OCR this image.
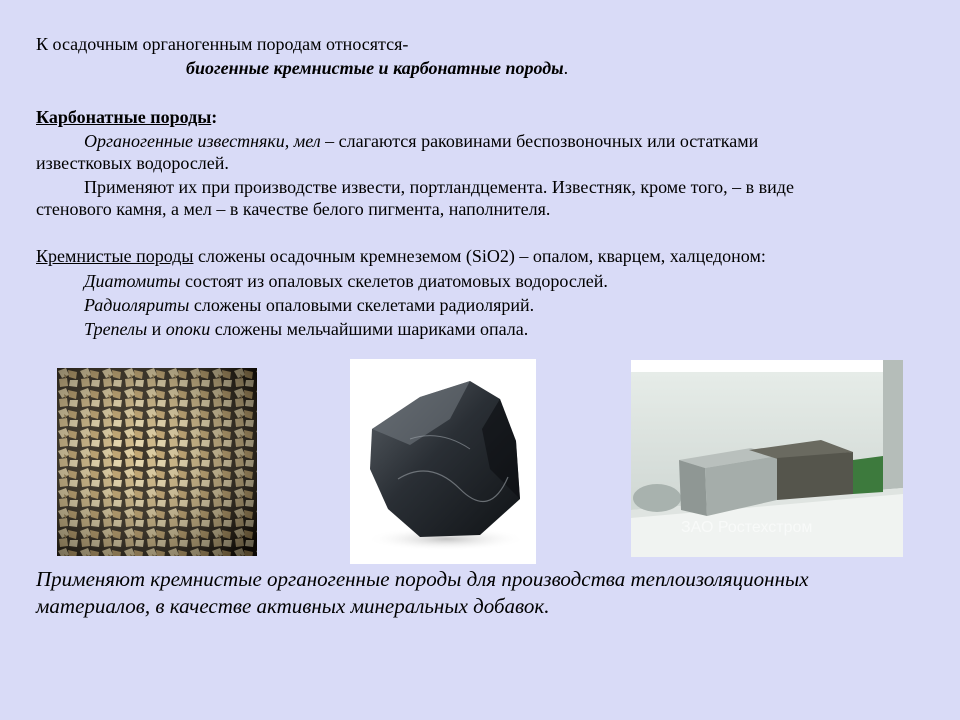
К осадочным органогенным породам относятся-
биогенные кремнистые и карбонатные породы.
Карбонатные породы:
Органогенные известняки, мел – слагаются раковинами беспозвоночных или остатками
известковых водорослей.
Применяют их при производстве извести, портландцемента. Известняк, кроме того, – в виде
стенового камня, а мел – в качестве белого пигмента, наполнителя.
Кремнистые породы сложены осадочным кремнеземом (SiO2) – опалом, кварцем, халцедоном:
Диатомиты состоят из опаловых скелетов диатомовых водорослей.
Радиоляриты сложены опаловыми скелетами радиолярий.
Трепелы и опоки сложены мельчайшими шариками опала.
ЗАО Ростехстром
Применяют кремнистые органогенные породы для производства теплоизоляционных
материалов, в качестве активных минеральных добавок.
